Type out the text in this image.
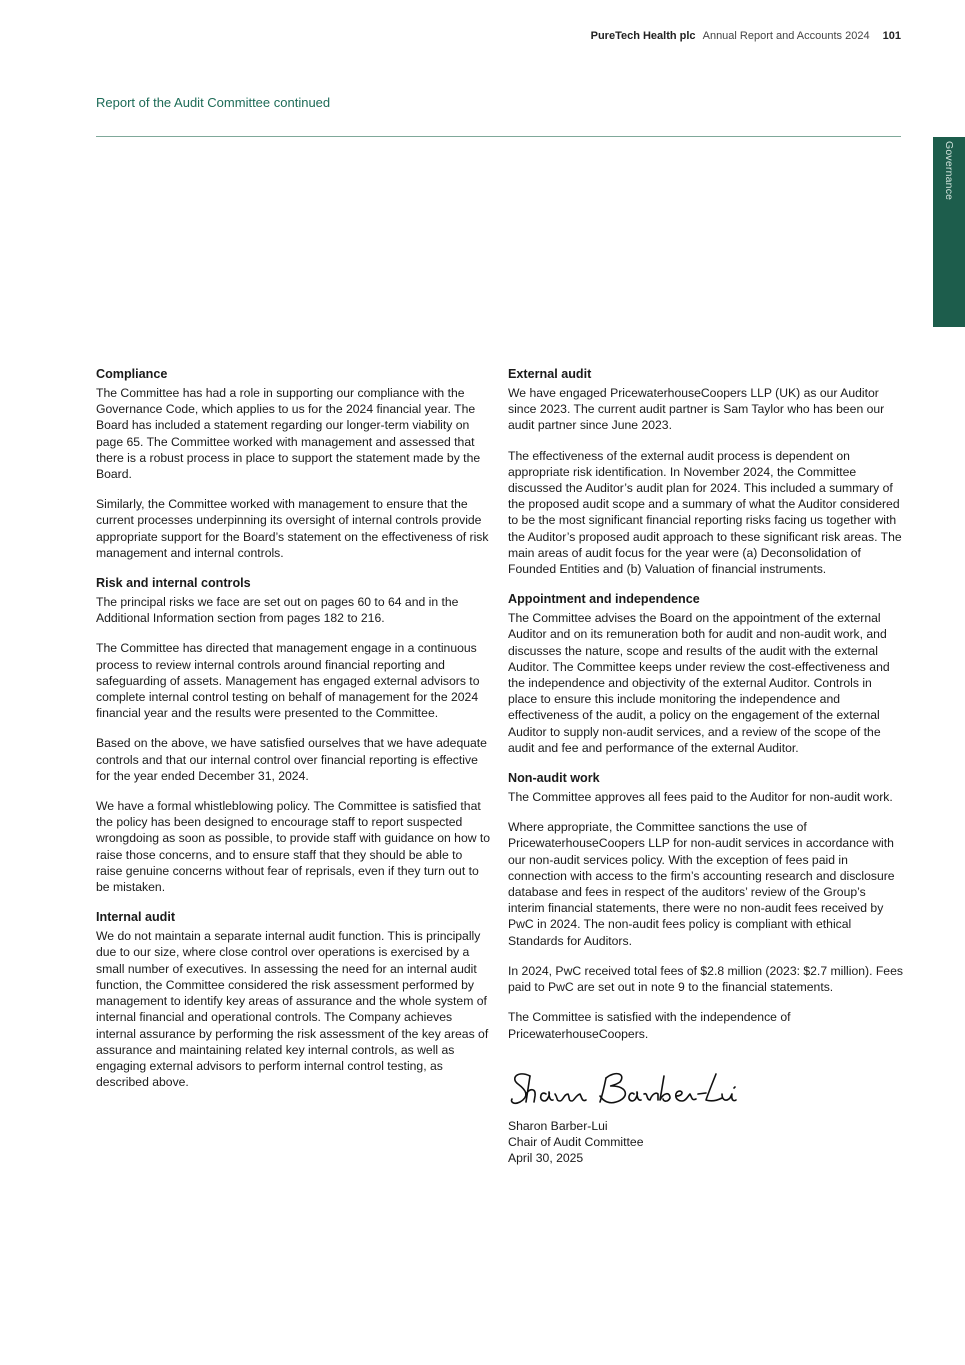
PureTech Health plc Annual Report and Accounts 2024 101
Report of the Audit Committee continued
Governance
Compliance

The Committee has had a role in supporting our compliance with the Governance Code, which applies to us for the 2024 financial year. The Board has included a statement regarding our longer-term viability on page 65. The Committee worked with management and assessed that there is a robust process in place to support the statement made by the Board.

Similarly, the Committee worked with management to ensure that the current processes underpinning its oversight of internal controls provide appropriate support for the Board’s statement on the effectiveness of risk management and internal controls.

Risk and internal controls

The principal risks we face are set out on pages 60 to 64 and in the Additional Information section from pages 182 to 216.

The Committee has directed that management engage in a continuous process to review internal controls around financial reporting and safeguarding of assets. Management has engaged external advisors to complete internal control testing on behalf of management for the 2024 financial year and the results were presented to the Committee.

Based on the above, we have satisfied ourselves that we have adequate controls and that our internal control over financial reporting is effective for the year ended December 31, 2024.

We have a formal whistleblowing policy. The Committee is satisfied that the policy has been designed to encourage staff to report suspected wrongdoing as soon as possible, to provide staff with guidance on how to raise those concerns, and to ensure staff that they should be able to raise genuine concerns without fear of reprisals, even if they turn out to be mistaken.

Internal audit

We do not maintain a separate internal audit function. This is principally due to our size, where close control over operations is exercised by a small number of executives. In assessing the need for an internal audit function, the Committee considered the risk assessment performed by management to identify key areas of assurance and the whole system of internal financial and operational controls. The Company achieves internal assurance by performing the risk assessment of the key areas of assurance and maintaining related key internal controls, as well as engaging external advisors to perform internal control testing, as described above.

External audit

We have engaged PricewaterhouseCoopers LLP (UK) as our Auditor since 2023. The current audit partner is Sam Taylor who has been our audit partner since June 2023.

The effectiveness of the external audit process is dependent on appropriate risk identification. In November 2024, the Committee discussed the Auditor’s audit plan for 2024. This included a summary of the proposed audit scope and a summary of what the Auditor considered to be the most significant financial reporting risks facing us together with the Auditor’s proposed audit approach to these significant risk areas. The main areas of audit focus for the year were (a) Deconsolidation of Founded Entities and (b) Valuation of financial instruments.

Appointment and independence

The Committee advises the Board on the appointment of the external Auditor and on its remuneration both for audit and non-audit work, and discusses the nature, scope and results of the audit with the external Auditor. The Committee keeps under review the cost-effectiveness and the independence and objectivity of the external Auditor. Controls in place to ensure this include monitoring the independence and effectiveness of the audit, a policy on the engagement of the external Auditor to supply non-audit services, and a review of the scope of the audit and fee and performance of the external Auditor.

Non-audit work

The Committee approves all fees paid to the Auditor for non-audit work.

Where appropriate, the Committee sanctions the use of PricewaterhouseCoopers LLP for non-audit services in accordance with our non-audit services policy. With the exception of fees paid in connection with access to the firm’s accounting research and disclosure database and fees in respect of the auditors’ review of the Group’s interim financial statements, there were no non-audit fees received by PwC in 2024. The non-audit fees policy is compliant with ethical Standards for Auditors.

In 2024, PwC received total fees of $2.8 million (2023: $2.7 million). Fees paid to PwC are set out in note 9 to the financial statements.

The Committee is satisfied with the independence of PricewaterhouseCoopers.

Sharon Barber-Lui
Chair of Audit Committee
April 30, 2025
